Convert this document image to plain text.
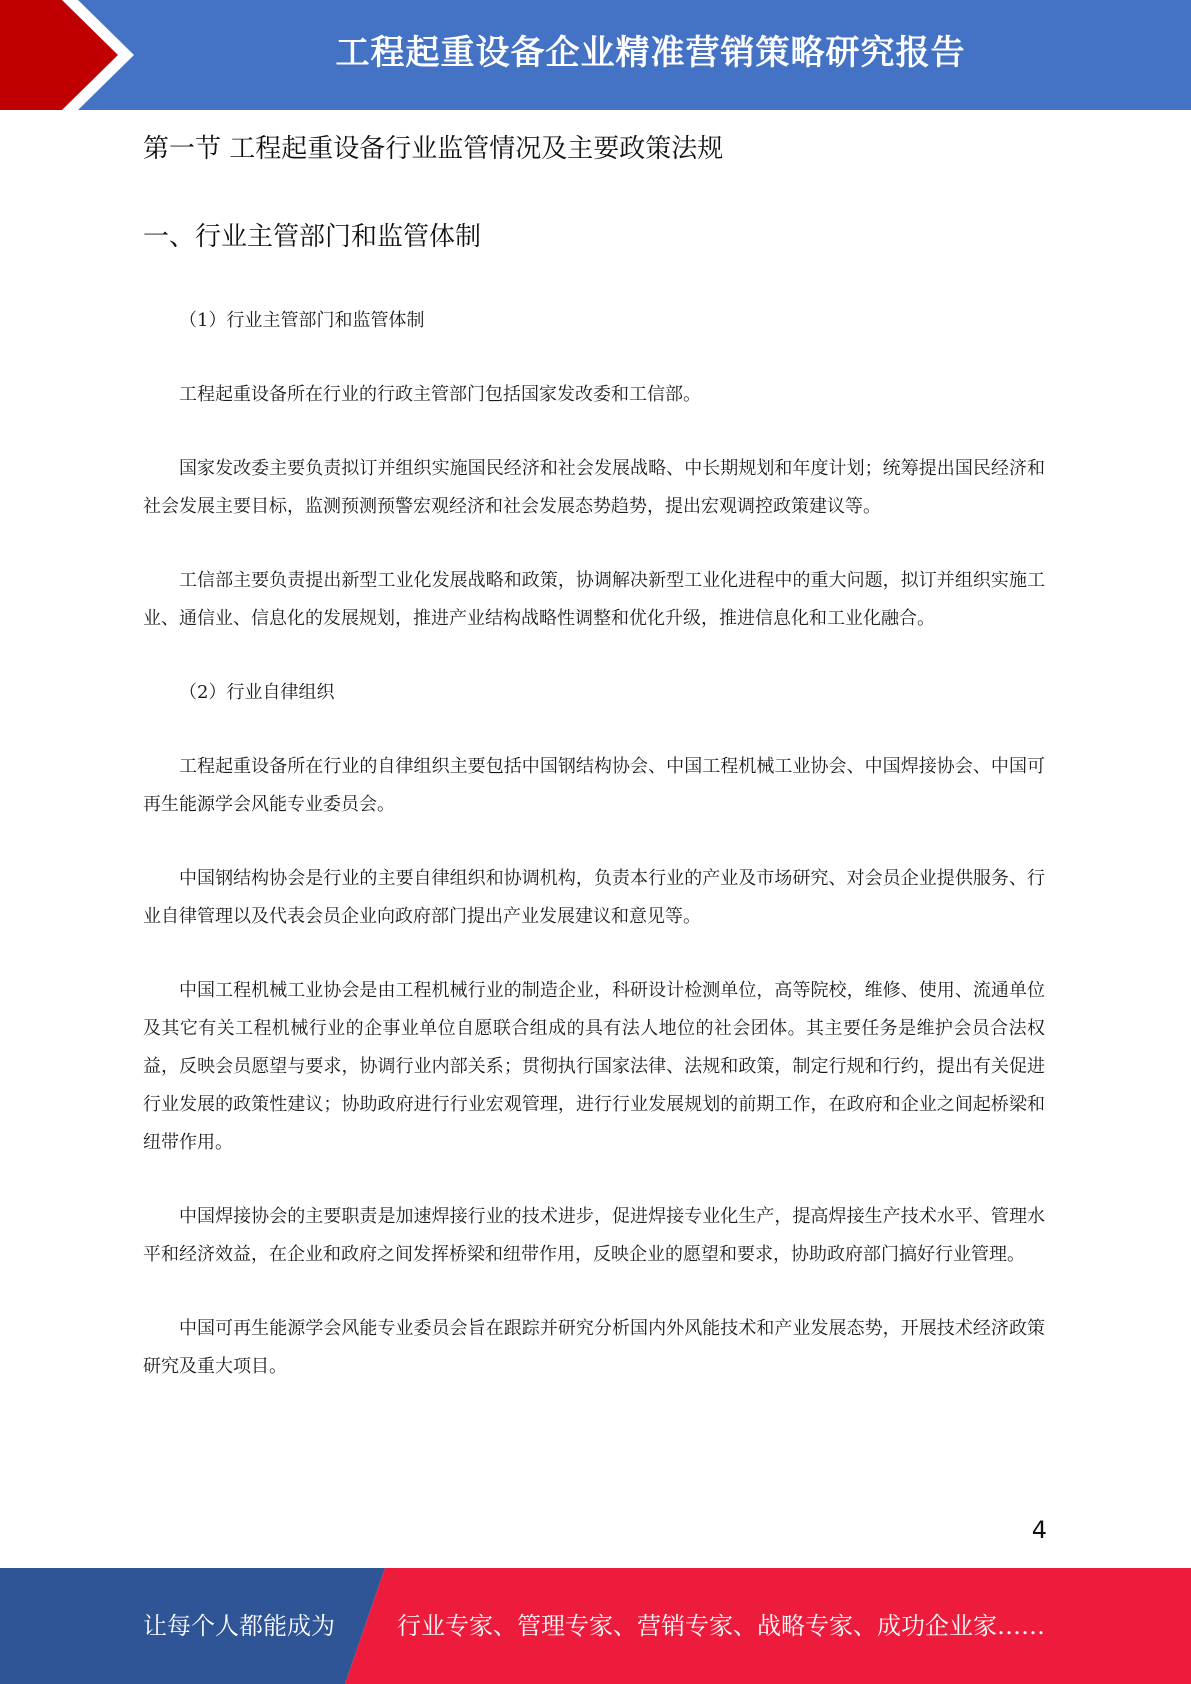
工程起重设备企业精准营销策略研究报告
第一节 工程起重设备行业监管情况及主要政策法规
一、行业主管部门和监管体制

（1）行业主管部门和监管体制

工程起重设备所在行业的行政主管部门包括国家发改委和工信部。

国家发改委主要负责拟订并组织实施国民经济和社会发展战略、中长期规划和年度计划；统筹提出国民经济和社会发展主要目标，监测预测预警宏观经济和社会发展态势趋势，提出宏观调控政策建议等。

工信部主要负责提出新型工业化发展战略和政策，协调解决新型工业化进程中的重大问题，拟订并组织实施工业、通信业、信息化的发展规划，推进产业结构战略性调整和优化升级，推进信息化和工业化融合。

（2）行业自律组织

工程起重设备所在行业的自律组织主要包括中国钢结构协会、中国工程机械工业协会、中国焊接协会、中国可再生能源学会风能专业委员会。

中国钢结构协会是行业的主要自律组织和协调机构，负责本行业的产业及市场研究、对会员企业提供服务、行业自律管理以及代表会员企业向政府部门提出产业发展建议和意见等。

中国工程机械工业协会是由工程机械行业的制造企业，科研设计检测单位，高等院校，维修、使用、流通单位及其它有关工程机械行业的企事业单位自愿联合组成的具有法人地位的社会团体。其主要任务是维护会员合法权益，反映会员愿望与要求，协调行业内部关系；贯彻执行国家法律、法规和政策，制定行规和行约，提出有关促进行业发展的政策性建议；协助政府进行行业宏观管理，进行行业发展规划的前期工作，在政府和企业之间起桥梁和纽带作用。

中国焊接协会的主要职责是加速焊接行业的技术进步，促进焊接专业化生产，提高焊接生产技术水平、管理水平和经济效益，在企业和政府之间发挥桥梁和纽带作用，反映企业的愿望和要求，协助政府部门搞好行业管理。

中国可再生能源学会风能专业委员会旨在跟踪并研究分析国内外风能技术和产业发展态势，开展技术经济政策研究及重大项目。

4
让每个人都能成为	行业专家、管理专家、营销专家、战略专家、成功企业家……
